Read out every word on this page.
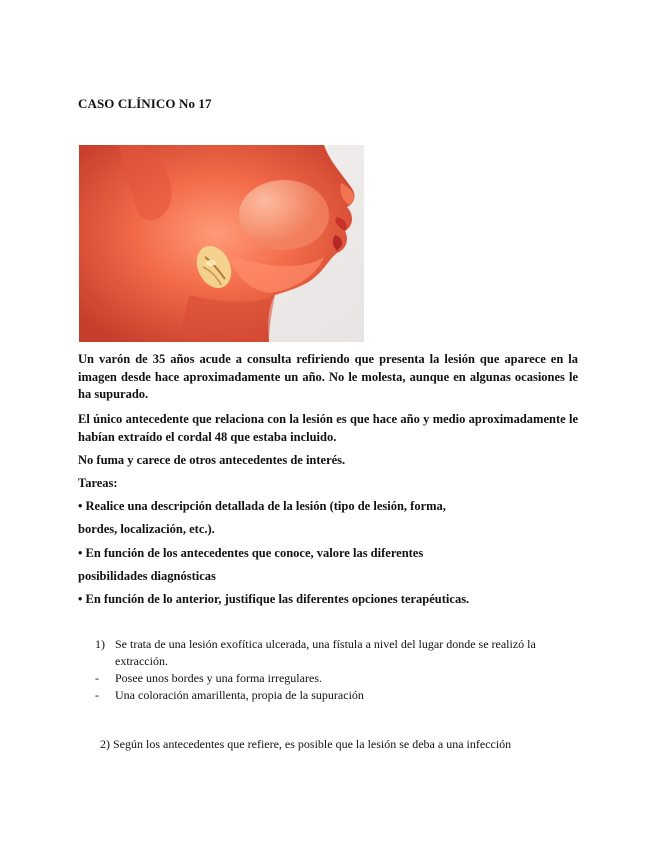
CASO CLÍNICO No 17
Un varón de 35 años acude a consulta refiriendo que presenta la lesión que aparece en la imagen desde hace aproximadamente un año. No le molesta, aunque en algunas ocasiones le ha supurado.
El único antecedente que relaciona con la lesión es que hace año y medio aproximadamente le habían extraído el cordal 48 que estaba incluido.
No fuma y carece de otros antecedentes de interés.
Tareas:
• Realice una descripción detallada de la lesión (tipo de lesión, forma,
bordes, localización, etc.).
• En función de los antecedentes que conoce, valore las diferentes
posibilidades diagnósticas
• En función de lo anterior, justifique las diferentes opciones terapéuticas.
1) Se trata de una lesión exofítica ulcerada, una fístula a nivel del lugar donde se realizó la extracción.
-	Posee unos bordes y una forma irregulares.
-	Una coloración amarillenta, propia de la supuración
2) Según los antecedentes que refiere, es posible que la lesión se deba a una infección
